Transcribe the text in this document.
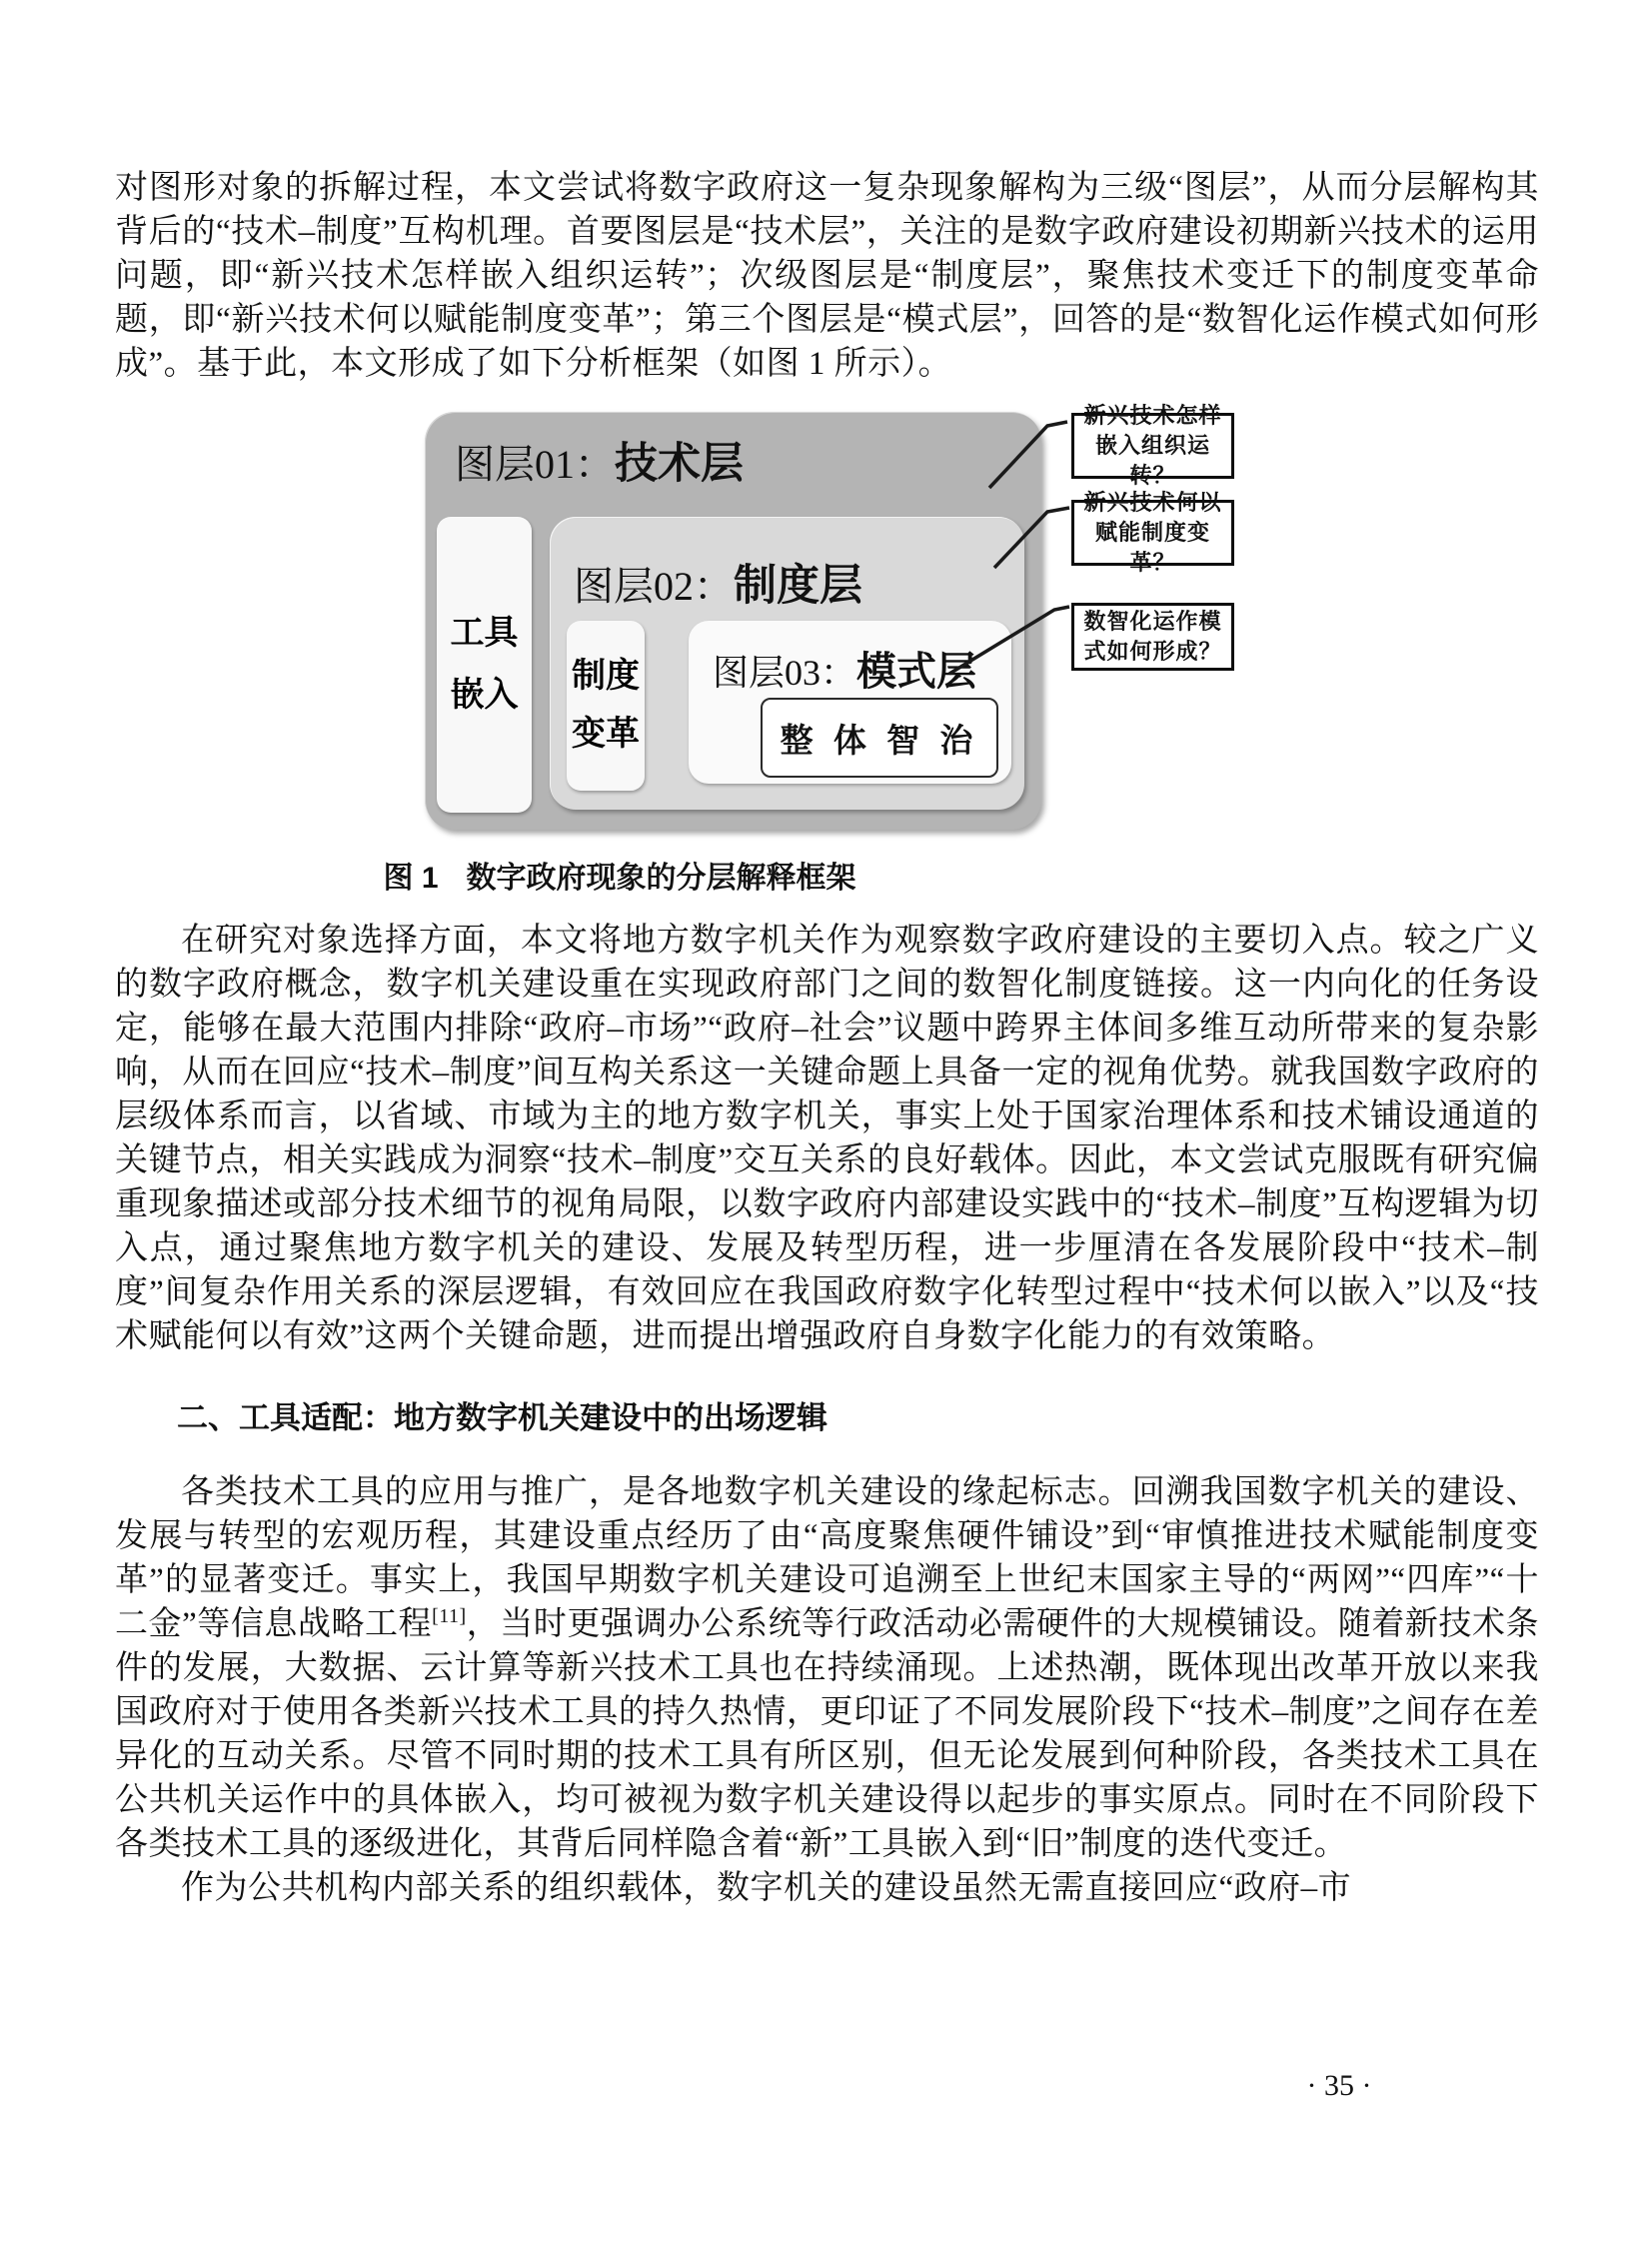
对图形对象的拆解过程，本文尝试将数字政府这一复杂现象解构为三级“图层”，从而分层解构其背后的“技术–制度”互构机理。首要图层是“技术层”，关注的是数字政府建设初期新兴技术的运用问题，即“新兴技术怎样嵌入组织运转”；次级图层是“制度层”，聚焦技术变迁下的制度变革命题，即“新兴技术何以赋能制度变革”；第三个图层是“模式层”，回答的是“数智化运作模式如何形成”。基于此，本文形成了如下分析框架（如图 1 所示）。

图层01：技术层
图层02：制度层
图层03：模式层
工具
嵌入
制度
变革	整 体 智 治
新兴技术怎样
嵌入组织运转？
新兴技术何以
赋能制度变革？
数智化运作模
式如何形成？
图 1 数字政府现象的分层解释框架

在研究对象选择方面，本文将地方数字机关作为观察数字政府建设的主要切入点。较之广义的数字政府概念，数字机关建设重在实现政府部门之间的数智化制度链接。这一内向化的任务设定，能够在最大范围内排除“政府–市场”“政府–社会”议题中跨界主体间多维互动所带来的复杂影响，从而在回应“技术–制度”间互构关系这一关键命题上具备一定的视角优势。就我国数字政府的层级体系而言，以省域、市域为主的地方数字机关，事实上处于国家治理体系和技术铺设通道的关键节点，相关实践成为洞察“技术–制度”交互关系的良好载体。因此，本文尝试克服既有研究偏重现象描述或部分技术细节的视角局限，以数字政府内部建设实践中的“技术–制度”互构逻辑为切入点，通过聚焦地方数字机关的建设、发展及转型历程，进一步厘清在各发展阶段中“技术–制度”间复杂作用关系的深层逻辑，有效回应在我国政府数字化转型过程中“技术何以嵌入”以及“技术赋能何以有效”这两个关键命题，进而提出增强政府自身数字化能力的有效策略。

二、工具适配：地方数字机关建设中的出场逻辑

各类技术工具的应用与推广，是各地数字机关建设的缘起标志。回溯我国数字机关的建设、发展与转型的宏观历程，其建设重点经历了由“高度聚焦硬件铺设”到“审慎推进技术赋能制度变革”的显著变迁。事实上，我国早期数字机关建设可追溯至上世纪末国家主导的“两网”“四库”“十二金”等信息战略工程[11]，当时更强调办公系统等行政活动必需硬件的大规模铺设。随着新技术条件的发展，大数据、云计算等新兴技术工具也在持续涌现。上述热潮，既体现出改革开放以来我国政府对于使用各类新兴技术工具的持久热情，更印证了不同发展阶段下“技术–制度”之间存在差异化的互动关系。尽管不同时期的技术工具有所区别，但无论发展到何种阶段，各类技术工具在公共机关运作中的具体嵌入，均可被视为数字机关建设得以起步的事实原点。同时在不同阶段下各类技术工具的逐级进化，其背后同样隐含着“新”工具嵌入到“旧”制度的迭代变迁。

作为公共机构内部关系的组织载体，数字机关的建设虽然无需直接回应“政府–市

· 35 ·
